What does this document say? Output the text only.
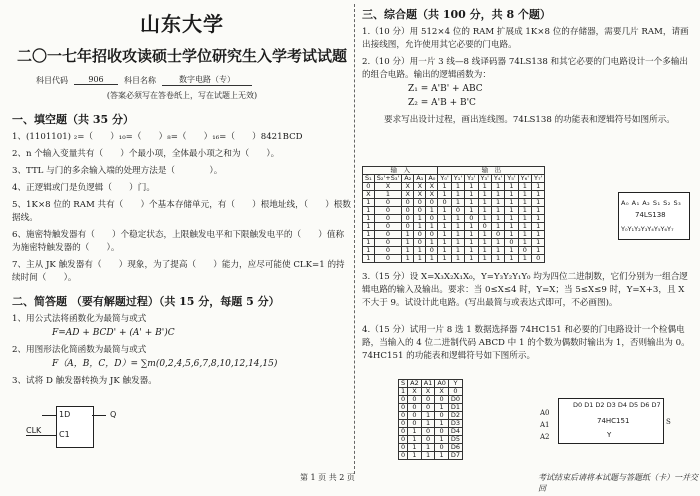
山东大学
二〇一七年招收攻读硕士学位研究生入学考试试题
科目代码	906	科目名称	数字电路（专）
(答案必须写在答卷纸上，写在试题上无效)
一、填空题（共 35 分）
1、(1101101) ₂=（　　）₁₀=（　　）₈=（　　）₁₆=（　　）8421BCD
2、n 个输入变量共有（　　）个最小项，全体最小项之和为（　　）。
3、TTL 与门的多余输入端的处理方法是（　　　　）。
4、正逻辑或门是负逻辑（　　）门。
5、1K×8 位的 RAM 共有（　　）个基本存储单元，有（　　）根地址线，（　　）根数据线。
6、施密特触发器有（　　）个稳定状态，上限触发电平和下限触发电平的（　　）值称为施密特触发器的（　　）。
7、主从 JK 触发器有（　　）现象，为了提高（　　）能力，应尽可能使 CLK=1 的持续时间（　　）。
二、简答题 （要有解题过程）（共 15 分，每题 5 分）
1、用公式法将函数化为最简与或式
F=AD + BCD' + (A' + B')C
2、用图形法化简函数为最简与或式
F（A，B，C，D）= ∑m(0,2,4,5,6,7,8,10,12,14,15)
3、试将 D 触发器转换为 JK 触发器。
1D
C1
CLK
Q
三、综合题（共 100 分，共 8 个题）
1.（10 分）用 512×4 位的 RAM 扩展成 1K×8 位的存储器，需要几片 RAM，请画出接线图，允许使用其它必要的门电路。
2.（10 分）用一片 3 线—8 线译码器 74LS138 和其它必要的门电路设计一个多输出的组合电路。输出的逻辑函数为：
Z₁ = A'B' + ABC
Z₂ = A'B + B'C
要求写出设计过程，画出连线图。74LS138 的功能表和逻辑符号如图所示。
输　入					输　出							
S₁	S₂'+S₃'	A₂	A₁	A₀	Y₀'	Y₁'	Y₂'	Y₃'	Y₄'	Y₅'	Y₆'	Y₇'
0	X	X	X	X	1	1	1	1	1	1	1	1
X	1	X	X	X	1	1	1	1	1	1	1	1
1	0	0	0	0	0	1	1	1	1	1	1	1
1	0	0	0	1	1	0	1	1	1	1	1	1
1	0	0	1	0	1	1	0	1	1	1	1	1
1	0	0	1	1	1	1	1	0	1	1	1	1
1	0	1	0	0	1	1	1	1	0	1	1	1
1	0	1	0	1	1	1	1	1	1	0	1	1
1	0	1	1	0	1	1	1	1	1	1	0	1
1	0	1	1	1	1	1	1	1	1	1	1	0
A₀ A₁ A₂ S₁ S₂ S₃
74LS138
Y₀Y₁Y₂Y₃Y₄Y₅Y₆Y₇
3.（15 分）设 X=X₃X₂X₁X₀，Y=Y₃Y₂Y₁Y₀ 均为四位二进制数，它们分别为一组合逻辑电路的输入及输出。要求：当 0≤X≤4 时，Y=X；当 5≤X≤9 时，Y=X+3，且 X 不大于 9。试设计此电路。(写出最简与或表达式即可，不必画图)。
4.（15 分）试用一片 8 选 1 数据选择器 74HC151 和必要的门电路设计一个检偶电路，当输入的 4 位二进制代码 ABCD 中 1 的个数为偶数时输出为 1，否则输出为 0。74HC151 的功能表和逻辑符号如下图所示。
S	A2	A1	A0	Y
1	X	X	X	0
0	0	0	0	D0
0	0	0	1	D1
0	0	1	0	D2
0	0	1	1	D3
0	1	0	0	D4
0	1	0	1	D5
0	1	1	0	D6
0	1	1	1	D7
D0 D1 D2 D3 D4 D5 D6 D7
74HC151
Y
A0
A1
A2
S
第 1 页 共 2 页	考试结束后请将本试题与答题纸（卡）一并交回
